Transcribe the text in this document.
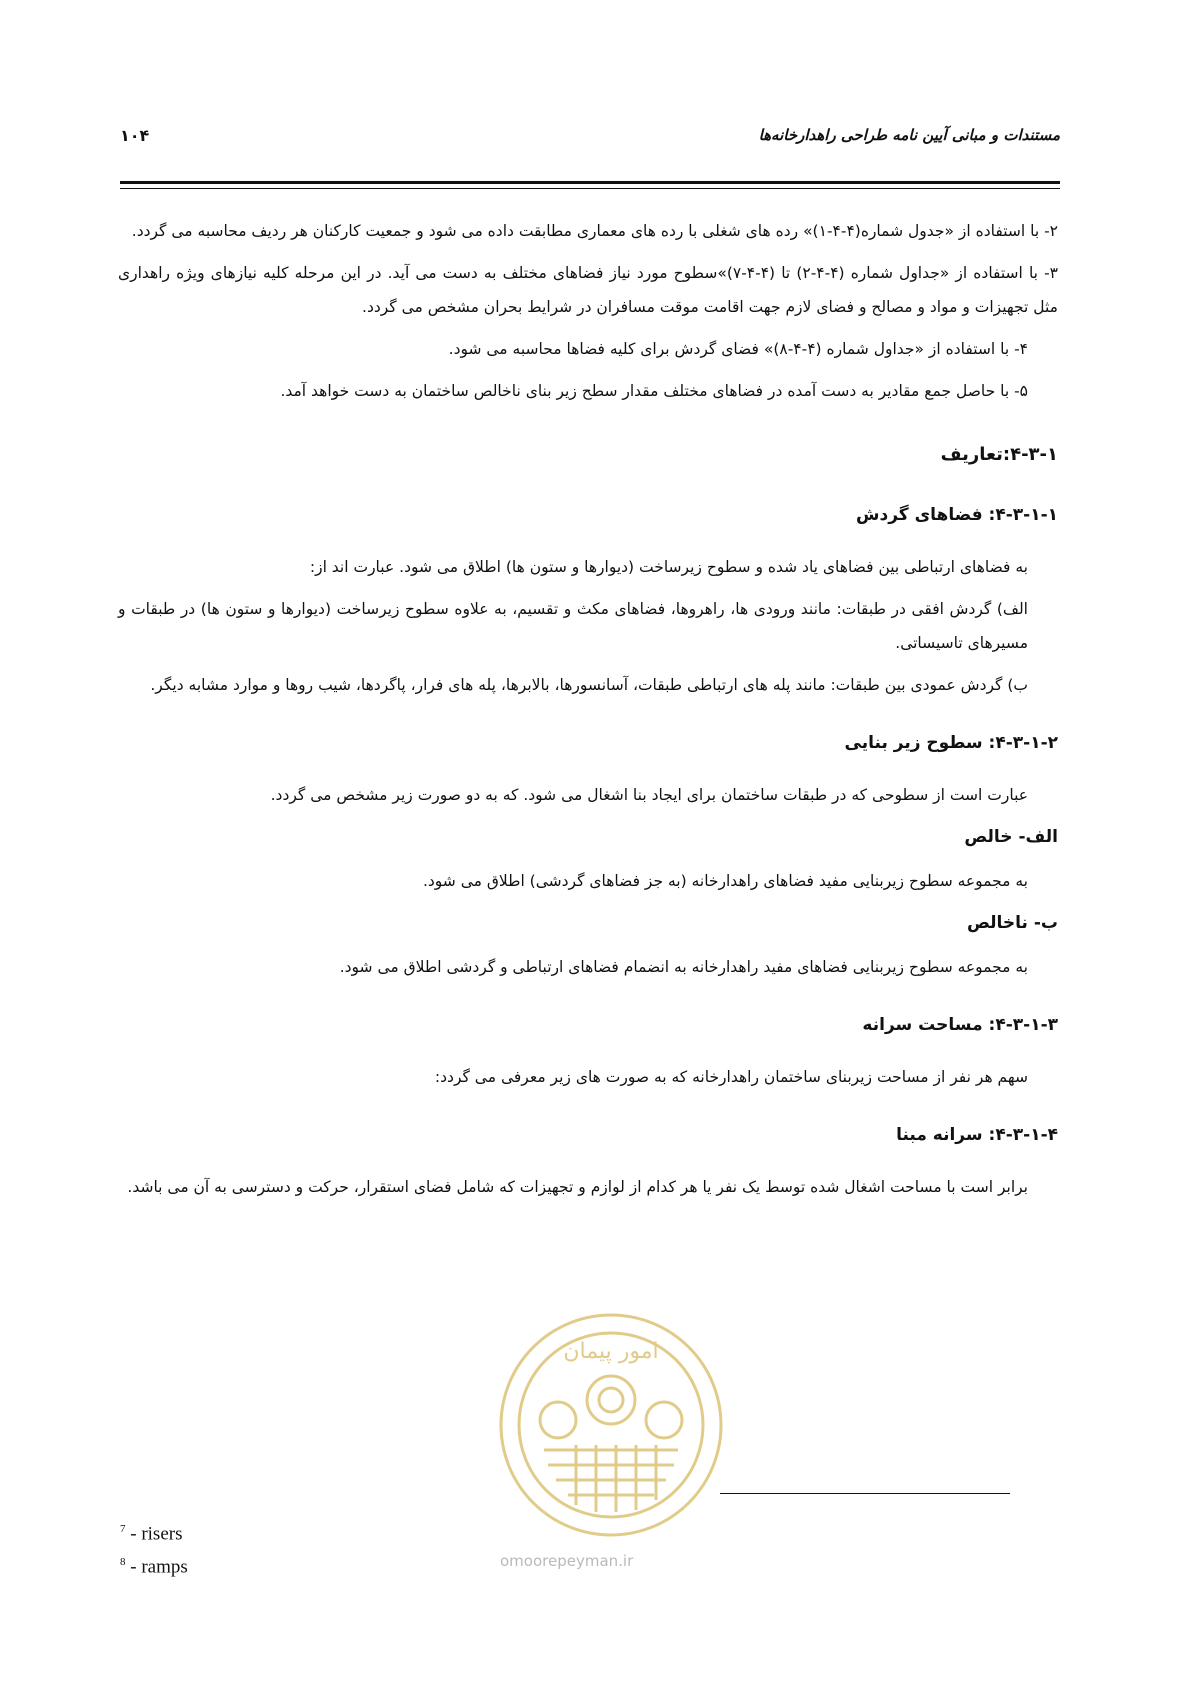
مستندات و مبانی آیین نامه طراحی راهدارخانه‌ها
۱۰۴

۲- با استفاده از «جدول شماره(۴-۴-۱)» رده های شغلی با رده های معماری مطابقت داده می شود و جمعیت کارکنان هر ردیف محاسبه می گردد.

۳- با استفاده از «جداول شماره (۴-۴-۲) تا (۴-۴-۷)»سطوح مورد نیاز فضاهای مختلف به دست می آید. در این مرحله کلیه نیازهای ویژه راهداری مثل تجهیزات و مواد و مصالح و فضای لازم جهت اقامت موقت مسافران در شرایط بحران مشخص می گردد.

۴- با استفاده از «جداول شماره (۴-۴-۸)» فضای گردش برای کلیه فضاها محاسبه می شود.

۵- با حاصل جمع مقادیر به دست آمده در فضاهای مختلف مقدار سطح زیر بنای ناخالص ساختمان به دست خواهد آمد.

۴-۳-۱:تعاریف

۴-۳-۱-۱: فضاهای گردش

به فضاهای ارتباطی بین فضاهای یاد شده و سطوح زیرساخت (دیوارها و ستون ها) اطلاق می شود. عبارت اند از:

الف) گردش افقی در طبقات: مانند ورودی ها، راهروها، فضاهای مکث و تقسیم، به علاوه سطوح زیرساخت (دیوارها و ستون ها) در طبقات و مسیرهای تاسیساتی.

ب) گردش عمودی بین طبقات: مانند پله های ارتباطی طبقات، آسانسورها، بالابرها، پله های فرار، پاگردها، شیب روها و موارد مشابه دیگر.

۴-۳-۱-۲: سطوح زیر بنایی

عبارت است از سطوحی که در طبقات ساختمان برای ایجاد بنا اشغال می شود. که به دو صورت زیر مشخص می گردد.

الف- خالص

به مجموعه سطوح زیربنایی مفید فضاهای راهدارخانه (به جز فضاهای گردشی) اطلاق می شود.

ب- ناخالص

به مجموعه سطوح زیربنایی فضاهای مفید راهدارخانه به انضمام فضاهای ارتباطی و گردشی اطلاق می شود.

۴-۳-۱-۳: مساحت سرانه

سهم هر نفر از مساحت زیربنای ساختمان راهدارخانه که به صورت های زیر معرفی می گردد:

۴-۳-۱-۴: سرانه مبنا

برابر است با مساحت اشغال شده توسط یک نفر یا هر کدام از لوازم و تجهیزات که شامل فضای استقرار، حرکت و دسترسی به آن می باشد.

$^7$ - risers
$^8$ - ramps
امور پیمان
omoorepeyman.ir
